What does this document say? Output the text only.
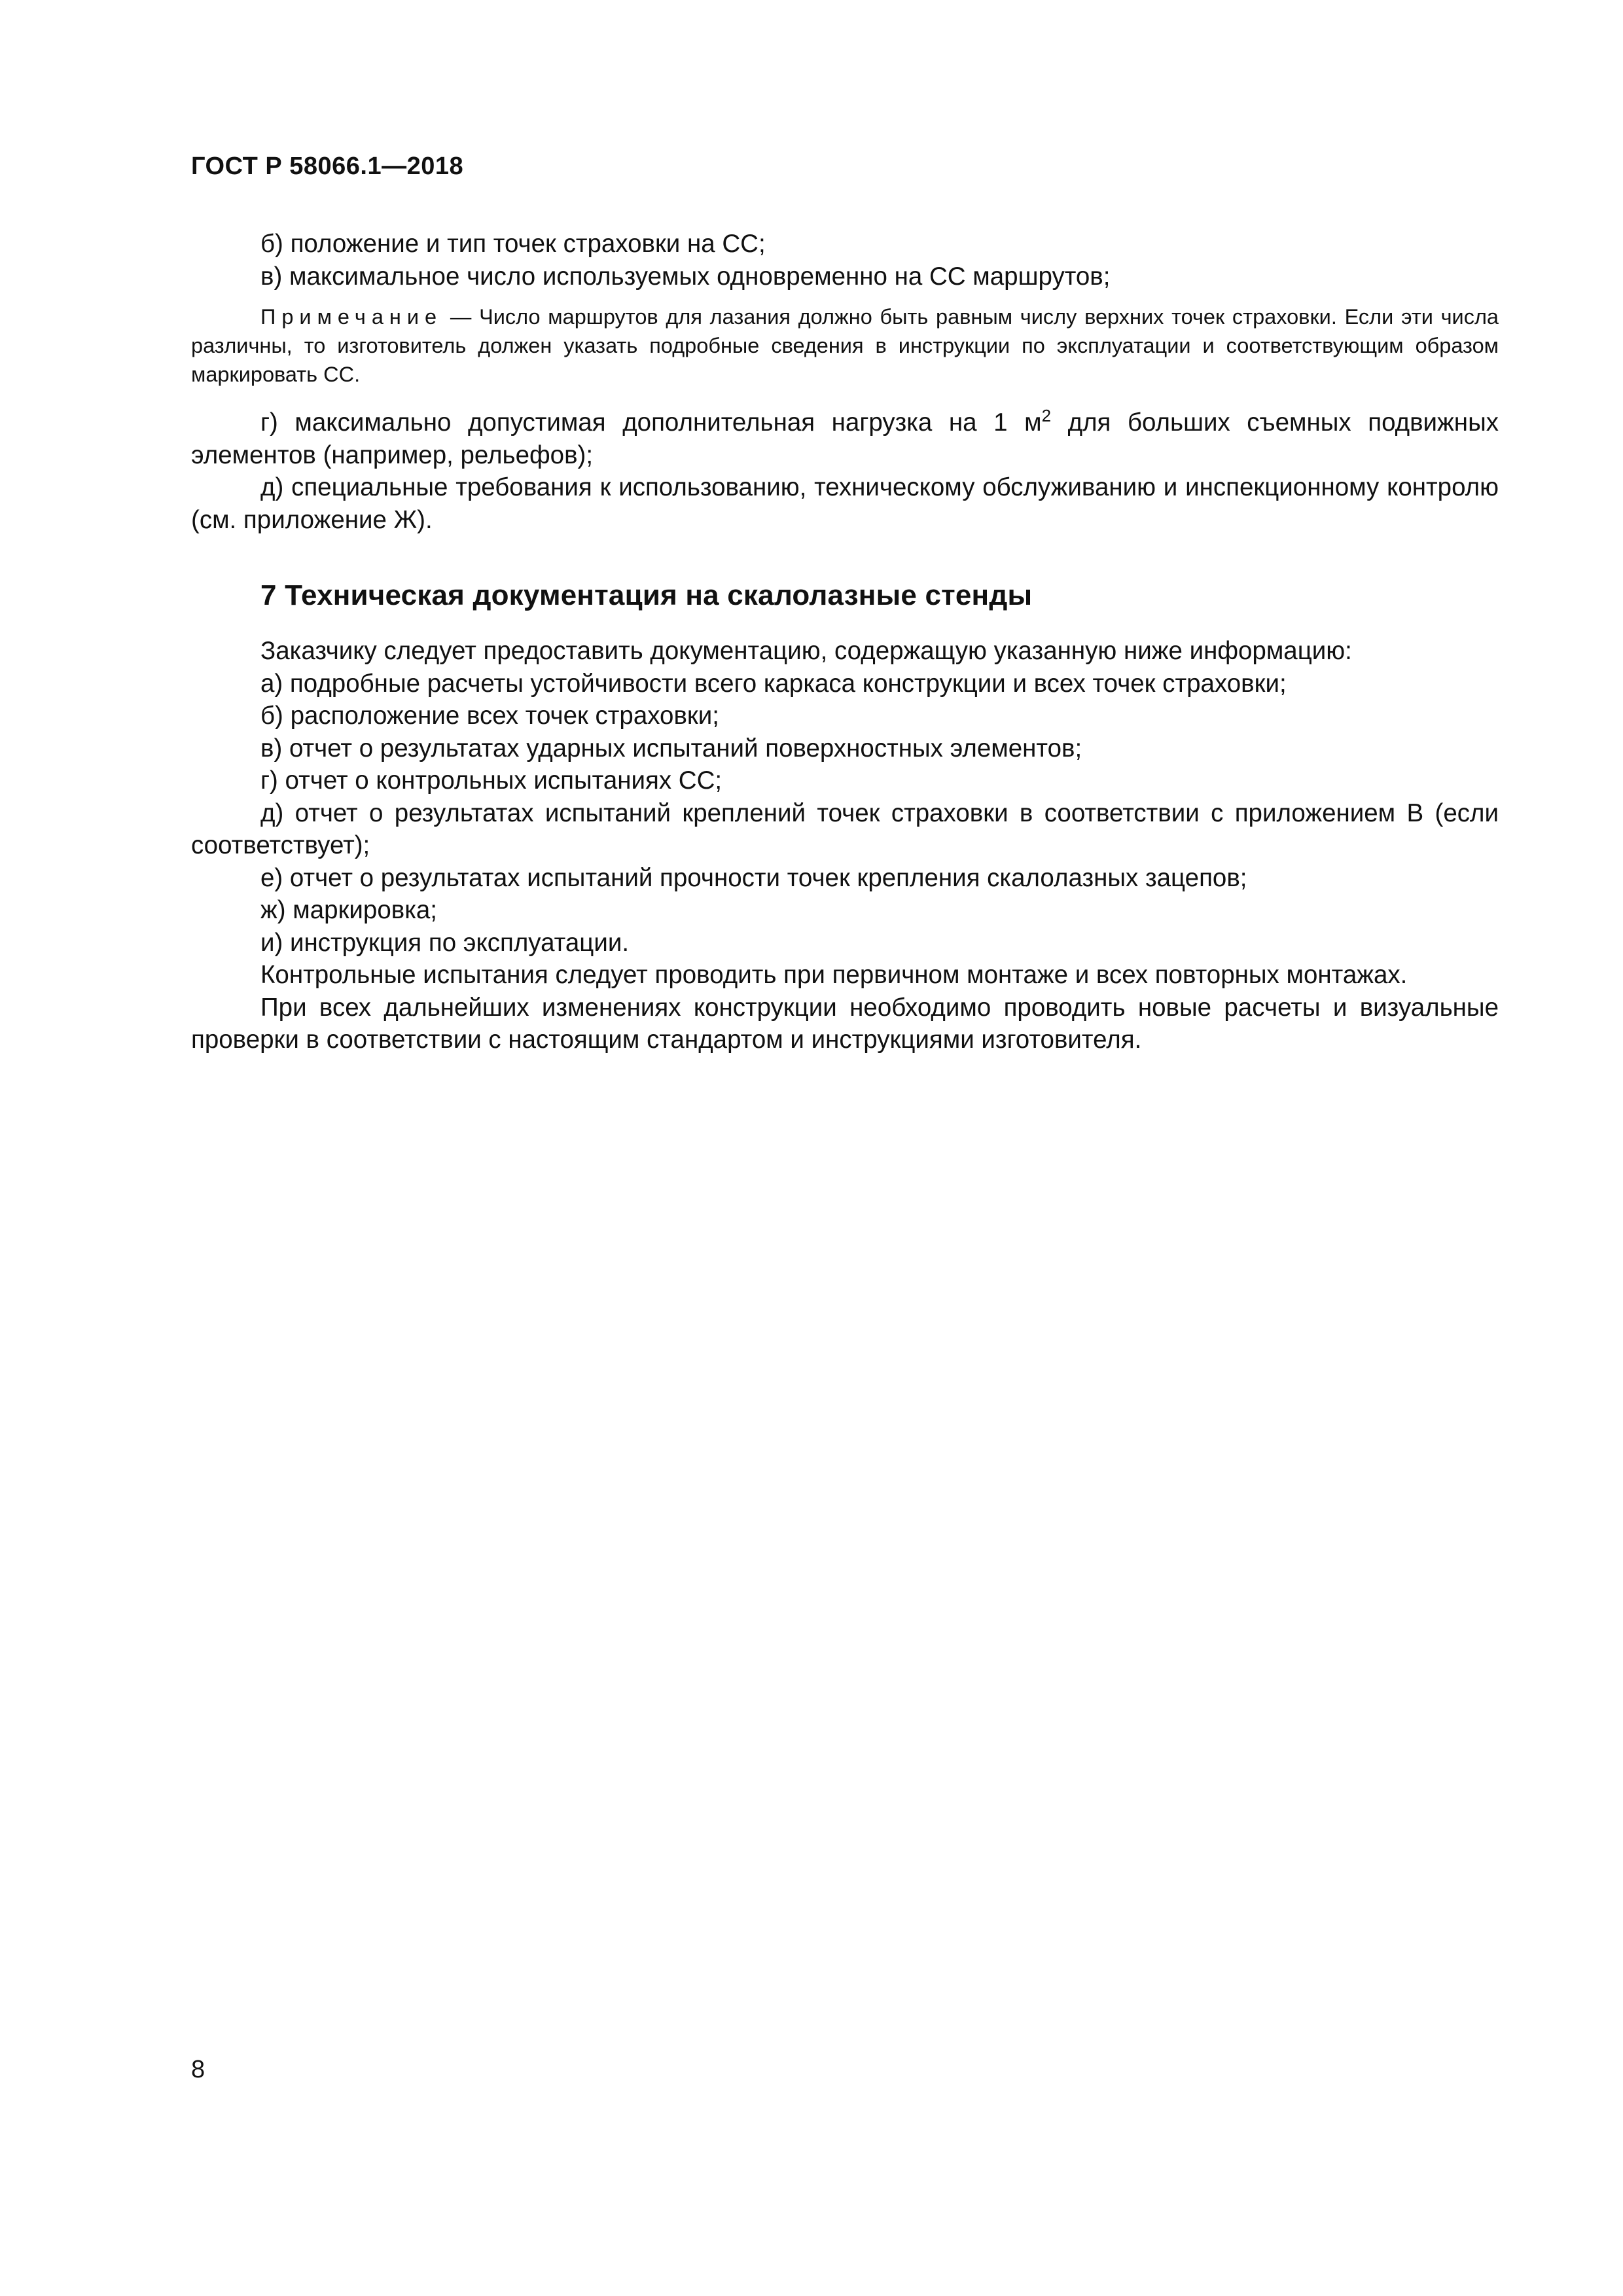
ГОСТ Р 58066.1—2018

б) положение и тип точек страховки на СС;

в) максимальное число используемых одновременно на СС маршрутов;

Примечание — Число маршрутов для лазания должно быть равным числу верхних точек страховки. Если эти числа различны, то изготовитель должен указать подробные сведения в инструкции по эксплуатации и соответствующим образом маркировать СС.

г) максимально допустимая дополнительная нагрузка на 1 $м^2$ для больших съемных подвижных элементов (например, рельефов);

д) специальные требования к использованию, техническому обслуживанию и инспекционному контролю (см. приложение Ж).

7 Техническая документация на скалолазные стенды

Заказчику следует предоставить документацию, содержащую указанную ниже информацию:

а) подробные расчеты устойчивости всего каркаса конструкции и всех точек страховки;

б) расположение всех точек страховки;

в) отчет о результатах ударных испытаний поверхностных элементов;

г) отчет о контрольных испытаниях СС;

д) отчет о результатах испытаний креплений точек страховки в соответствии с приложением В (если соответствует);

е) отчет о результатах испытаний прочности точек крепления скалолазных зацепов;

ж) маркировка;

и) инструкция по эксплуатации.

Контрольные испытания следует проводить при первичном монтаже и всех повторных монтажах.

При всех дальнейших изменениях конструкции необходимо проводить новые расчеты и визуальные проверки в соответствии с настоящим стандартом и инструкциями изготовителя.

8
